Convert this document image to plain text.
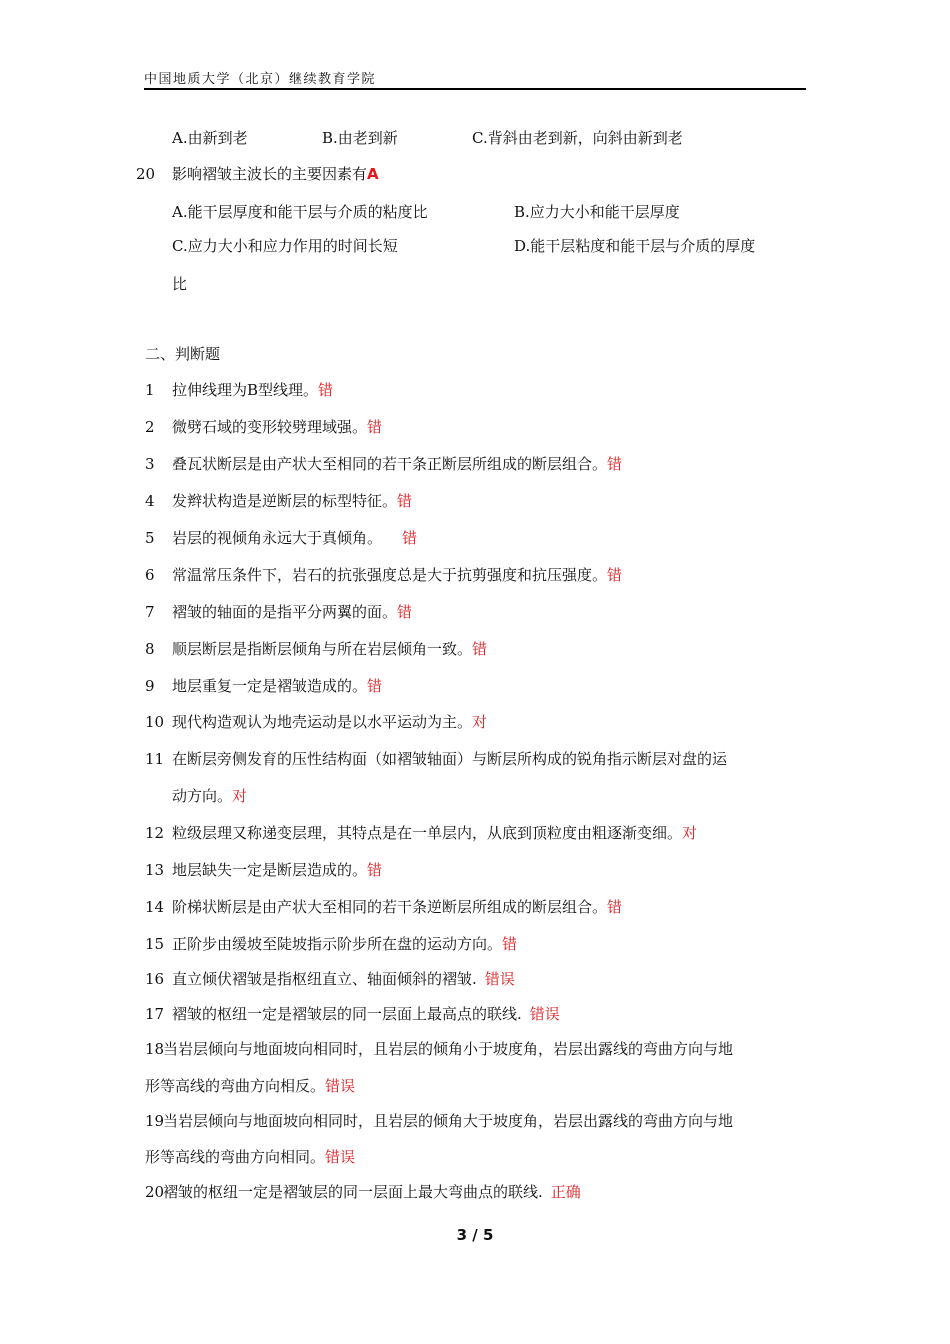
中国地质大学（北京）继续教育学院
A.由新到老	B.由老到新	C.背斜由老到新，向斜由新到老
20 影响褶皱主波长的主要因素有A
A.能干层厚度和能干层与介质的粘度比	B.应力大小和能干层厚度
C.应力大小和应力作用的时间长短	D.能干层粘度和能干层与介质的厚度
比
二、判断题
1 拉伸线理为B型线理。错
2 微劈石域的变形较劈理域强。错
3 叠瓦状断层是由产状大至相同的若干条正断层所组成的断层组合。错
4 发辫状构造是逆断层的标型特征。错
5 岩层的视倾角永远大于真倾角。 错
6 常温常压条件下，岩石的抗张强度总是大于抗剪强度和抗压强度。错
7 褶皱的轴面的是指平分两翼的面。错
8 顺层断层是指断层倾角与所在岩层倾角一致。错
9 地层重复一定是褶皱造成的。错
10 现代构造观认为地壳运动是以水平运动为主。对
11 在断层旁侧发育的压性结构面（如褶皱轴面）与断层所构成的锐角指示断层对盘的运
动方向。对
12 粒级层理又称递变层理，其特点是在一单层内，从底到顶粒度由粗逐渐变细。对
13 地层缺失一定是断层造成的。错
14 阶梯状断层是由产状大至相同的若干条逆断层所组成的断层组合。错
15 正阶步由缓坡至陡坡指示阶步所在盘的运动方向。错
16 直立倾伏褶皱是指枢纽直立、轴面倾斜的褶皱. 错误
17 褶皱的枢纽一定是褶皱层的同一层面上最高点的联线. 错误
18
当岩层倾向与地面坡向相同时，且岩层的倾角小于坡度角，岩层出露线的弯曲方向与地
形等高线的弯曲方向相反。错误
19
当岩层倾向与地面坡向相同时，且岩层的倾角大于坡度角，岩层出露线的弯曲方向与地
形等高线的弯曲方向相同。错误
20
褶皱的枢纽一定是褶皱层的同一层面上最大弯曲点的联线. 正确
3 / 5
